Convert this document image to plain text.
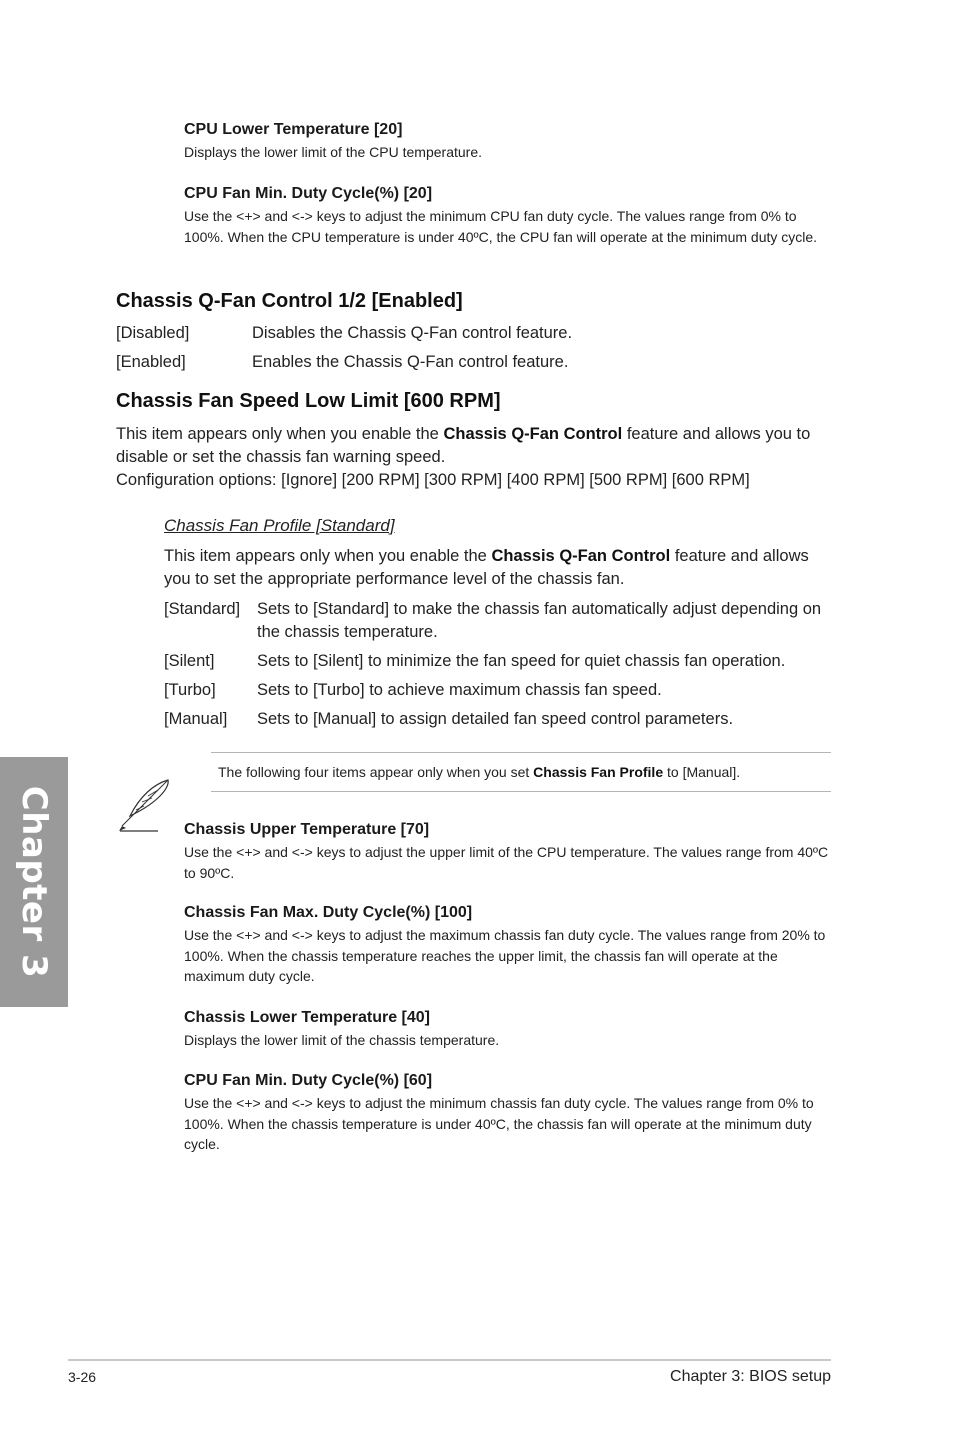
CPU Lower Temperature [20]

Displays the lower limit of the CPU temperature.

CPU Fan Min. Duty Cycle(%) [20]

Use the <+> and <-> keys to adjust the minimum CPU fan duty cycle. The values range from 0% to 100%. When the CPU temperature is under 40ºC, the CPU fan will operate at the minimum duty cycle.

Chassis Q-Fan Control 1/2 [Enabled]

[Disabled]	Disables the Chassis Q-Fan control feature.
[Enabled]	Enables the Chassis Q-Fan control feature.

Chassis Fan Speed Low Limit [600 RPM]

This item appears only when you enable the Chassis Q-Fan Control feature and allows you to disable or set the chassis fan warning speed.

Configuration options: [Ignore] [200 RPM] [300 RPM] [400 RPM] [500 RPM] [600 RPM]

Chassis Fan Profile [Standard]

This item appears only when you enable the Chassis Q-Fan Control feature and allows you to set the appropriate performance level of the chassis fan.

[Standard]	Sets to [Standard] to make the chassis fan automatically adjust depending on the chassis temperature.
[Silent]	Sets to [Silent] to minimize the fan speed for quiet chassis fan operation.
[Turbo]	Sets to [Turbo] to achieve maximum chassis fan speed.
[Manual]	Sets to [Manual] to assign detailed fan speed control parameters.
The following four items appear only when you set Chassis Fan Profile to [Manual].

Chassis Upper Temperature [70]

Use the <+> and <-> keys to adjust the upper limit of the CPU temperature. The values range from 40ºC to 90ºC.

Chassis Fan Max. Duty Cycle(%) [100]

Use the <+> and <-> keys to adjust the maximum chassis fan duty cycle. The values range from 20% to 100%. When the chassis temperature reaches the upper limit, the chassis fan will operate at the maximum duty cycle.

Chassis Lower Temperature [40]

Displays the lower limit of the chassis temperature.

CPU Fan Min. Duty Cycle(%) [60]

Use the <+> and <-> keys to adjust the minimum chassis fan duty cycle. The values range from 0% to 100%. When the chassis temperature is under 40ºC, the chassis fan will operate at the minimum duty cycle.

Chapter 3
3-26	Chapter 3: BIOS setup
